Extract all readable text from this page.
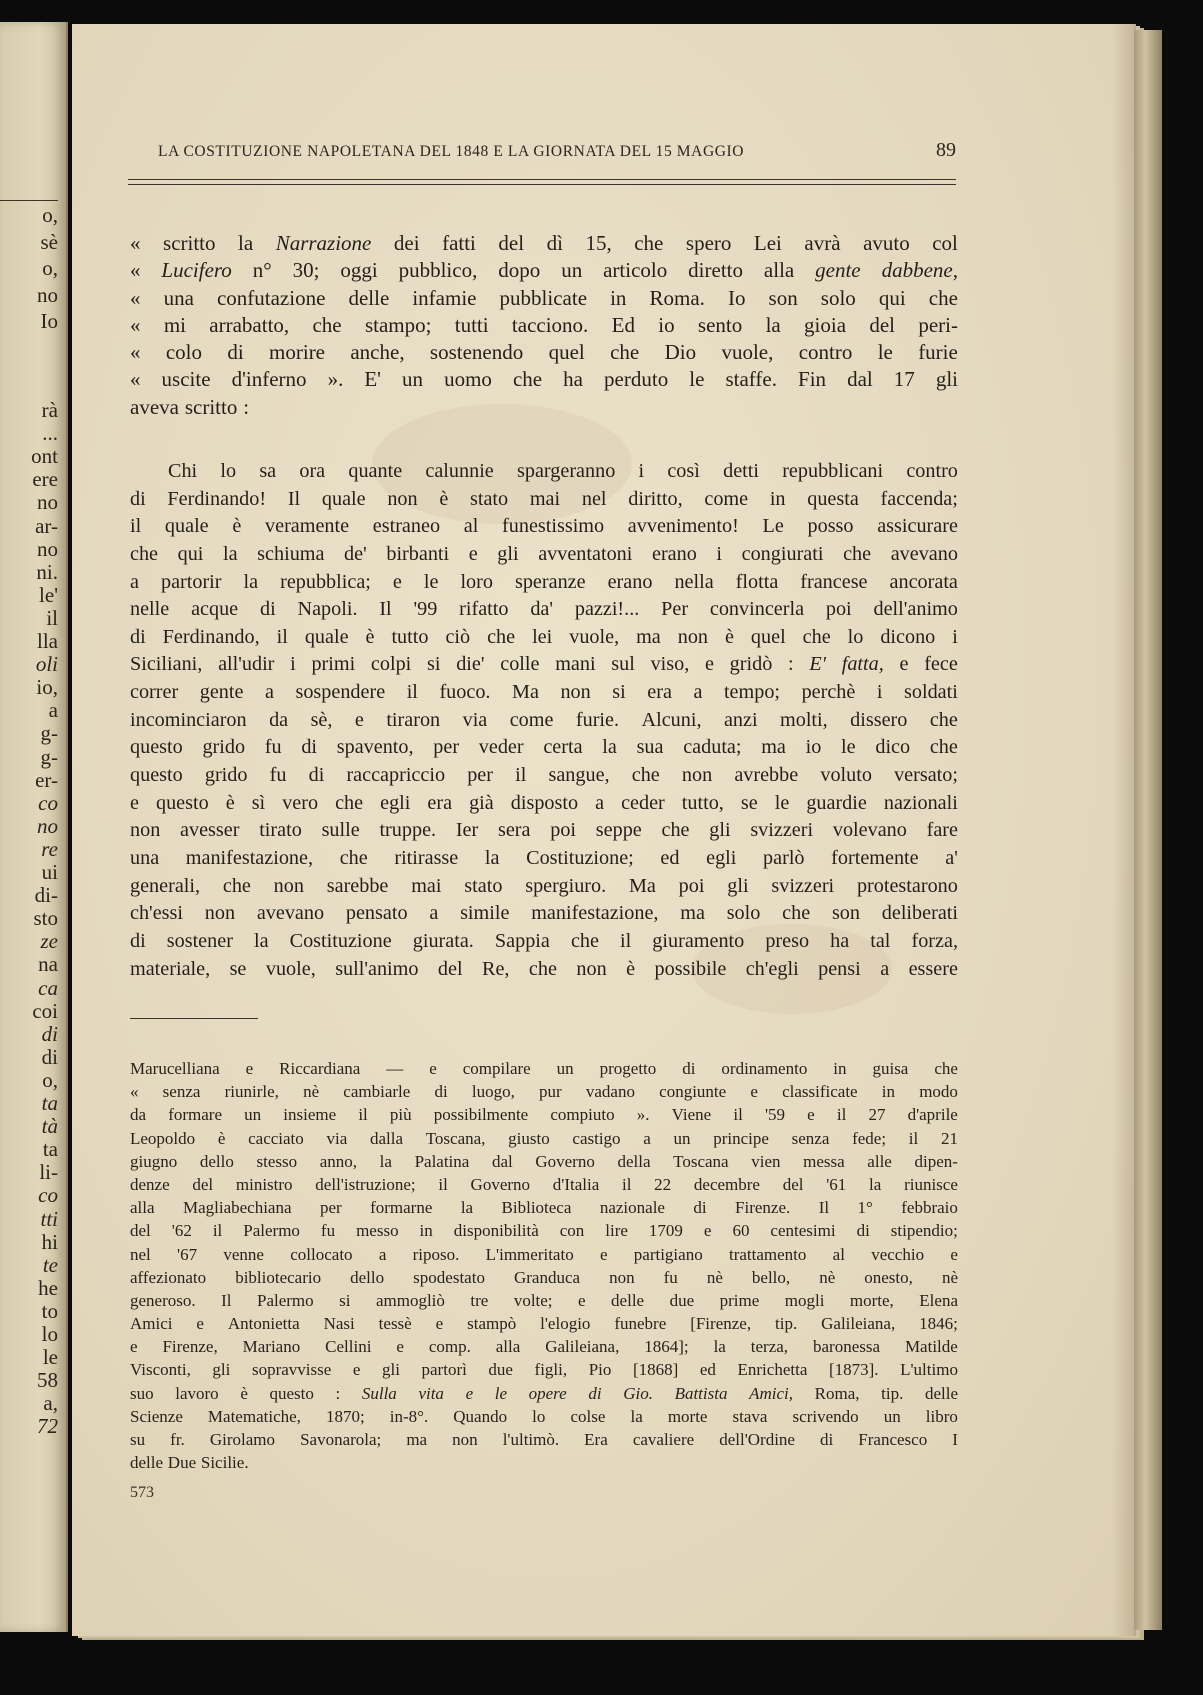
o,
sè
o,
no
Io
rà
...
ont
ere
no
ar-
no
ni.
le'
il
lla
oli
io,
a
g-
g-
er-
co
no
re
ui
di-
sto
ze
na
ca
coi
di
di
o,
ta
tà
ta
li-
co
tti
hi
te
he
to
lo
le
58
a,
72
LA COSTITUZIONE NAPOLETANA DEL 1848 E LA GIORNATA DEL 15 MAGGIO	89
« scritto la Narrazione dei fatti del dì 15, che spero Lei avrà avuto col
« Lucifero n° 30; oggi pubblico, dopo un articolo diretto alla gente dabbene,
« una confutazione delle infamie pubblicate in Roma. Io son solo qui che
« mi arrabatto, che stampo; tutti tacciono. Ed io sento la gioia del peri-
« colo di morire anche, sostenendo quel che Dio vuole, contro le furie
« uscite d'inferno ». E' un uomo che ha perduto le staffe. Fin dal 17 gli
aveva scritto :
Chi lo sa ora quante calunnie spargeranno i così detti repubblicani contro
di Ferdinando! Il quale non è stato mai nel diritto, come in questa faccenda;
il quale è veramente estraneo al funestissimo avvenimento! Le posso assicurare
che qui la schiuma de' birbanti e gli avventatoni erano i congiurati che avevano
a partorir la repubblica; e le loro speranze erano nella flotta francese ancorata
nelle acque di Napoli. Il '99 rifatto da' pazzi!... Per convincerla poi dell'animo
di Ferdinando, il quale è tutto ciò che lei vuole, ma non è quel che lo dicono i
Siciliani, all'udir i primi colpi si die' colle mani sul viso, e gridò : E' fatta, e fece
correr gente a sospendere il fuoco. Ma non si era a tempo; perchè i soldati
incominciaron da sè, e tiraron via come furie. Alcuni, anzi molti, dissero che
questo grido fu di spavento, per veder certa la sua caduta; ma io le dico che
questo grido fu di raccapriccio per il sangue, che non avrebbe voluto versato;
e questo è sì vero che egli era già disposto a ceder tutto, se le guardie nazionali
non avesser tirato sulle truppe. Ier sera poi seppe che gli svizzeri volevano fare
una manifestazione, che ritirasse la Costituzione; ed egli parlò fortemente a'
generali, che non sarebbe mai stato spergiuro. Ma poi gli svizzeri protestarono
ch'essi non avevano pensato a simile manifestazione, ma solo che son deliberati
di sostener la Costituzione giurata. Sappia che il giuramento preso ha tal forza,
materiale, se vuole, sull'animo del Re, che non è possibile ch'egli pensi a essere
Marucelliana e Riccardiana — e compilare un progetto di ordinamento in guisa che
« senza riunirle, nè cambiarle di luogo, pur vadano congiunte e classificate in modo
da formare un insieme il più possibilmente compiuto ». Viene il '59 e il 27 d'aprile
Leopoldo è cacciato via dalla Toscana, giusto castigo a un principe senza fede; il 21
giugno dello stesso anno, la Palatina dal Governo della Toscana vien messa alle dipen-
denze del ministro dell'istruzione; il Governo d'Italia il 22 decembre del '61 la riunisce
alla Magliabechiana per formarne la Biblioteca nazionale di Firenze. Il 1° febbraio
del '62 il Palermo fu messo in disponibilità con lire 1709 e 60 centesimi di stipendio;
nel '67 venne collocato a riposo. L'immeritato e partigiano trattamento al vecchio e
affezionato bibliotecario dello spodestato Granduca non fu nè bello, nè onesto, nè
generoso. Il Palermo si ammogliò tre volte; e delle due prime mogli morte, Elena
Amici e Antonietta Nasi tessè e stampò l'elogio funebre [Firenze, tip. Galileiana, 1846;
e Firenze, Mariano Cellini e comp. alla Galileiana, 1864]; la terza, baronessa Matilde
Visconti, gli sopravvisse e gli partorì due figli, Pio [1868] ed Enrichetta [1873]. L'ultimo
suo lavoro è questo : Sulla vita e le opere di Gio. Battista Amici, Roma, tip. delle
Scienze Matematiche, 1870; in-8°. Quando lo colse la morte stava scrivendo un libro
su fr. Girolamo Savonarola; ma non l'ultimò. Era cavaliere dell'Ordine di Francesco I
delle Due Sicilie.
573
